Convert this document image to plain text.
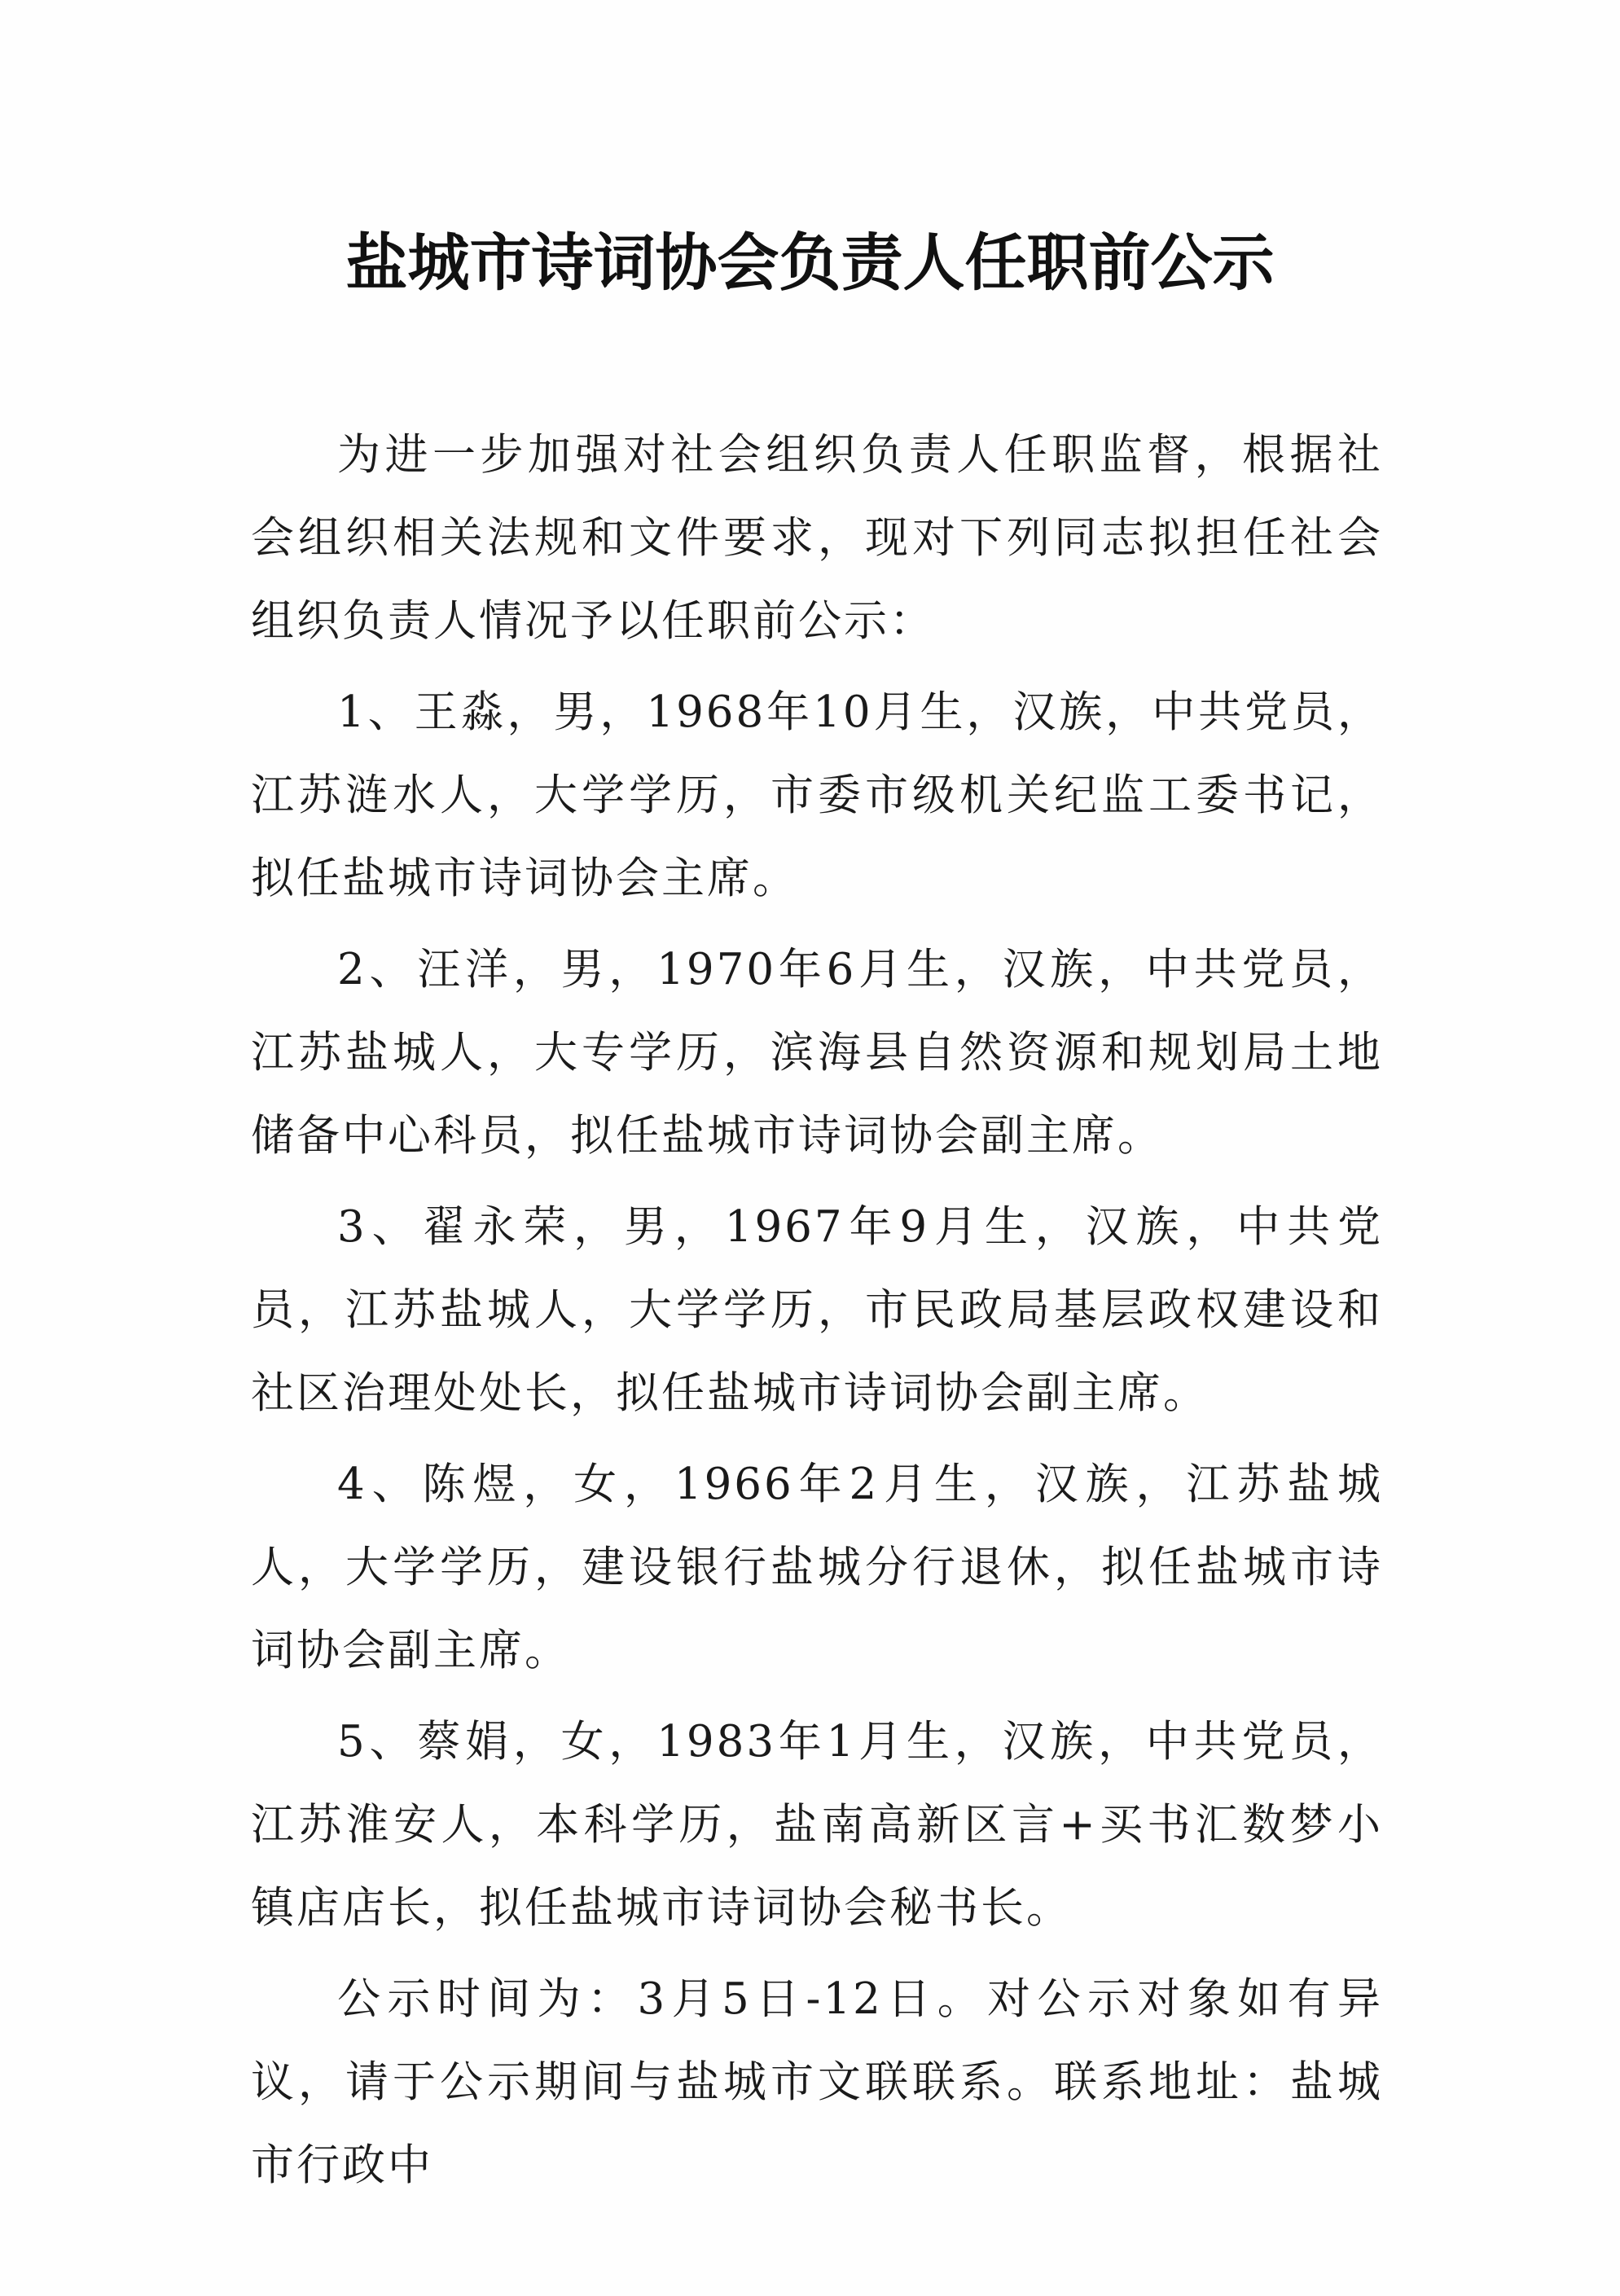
盐城市诗词协会负责人任职前公示

为进一步加强对社会组织负责人任职监督，根据社会组织相关法规和文件要求，现对下列同志拟担任社会组织负责人情况予以任职前公示：

1、王淼，男，1968年10月生，汉族，中共党员，江苏涟水人，大学学历，市委市级机关纪监工委书记，拟任盐城市诗词协会主席。

2、汪洋，男，1970年6月生，汉族，中共党员，江苏盐城人，大专学历，滨海县自然资源和规划局土地储备中心科员，拟任盐城市诗词协会副主席。

3、翟永荣，男，1967年9月生，汉族，中共党员，江苏盐城人，大学学历，市民政局基层政权建设和社区治理处处长，拟任盐城市诗词协会副主席。

4、陈煜，女，1966年2月生，汉族，江苏盐城人，大学学历，建设银行盐城分行退休，拟任盐城市诗词协会副主席。

5、蔡娟，女，1983年1月生，汉族，中共党员，江苏淮安人，本科学历，盐南高新区言+买书汇数梦小镇店店长，拟任盐城市诗词协会秘书长。

公示时间为：3月5日-12日。对公示对象如有异议，请于公示期间与盐城市文联联系。联系地址：盐城市行政中
